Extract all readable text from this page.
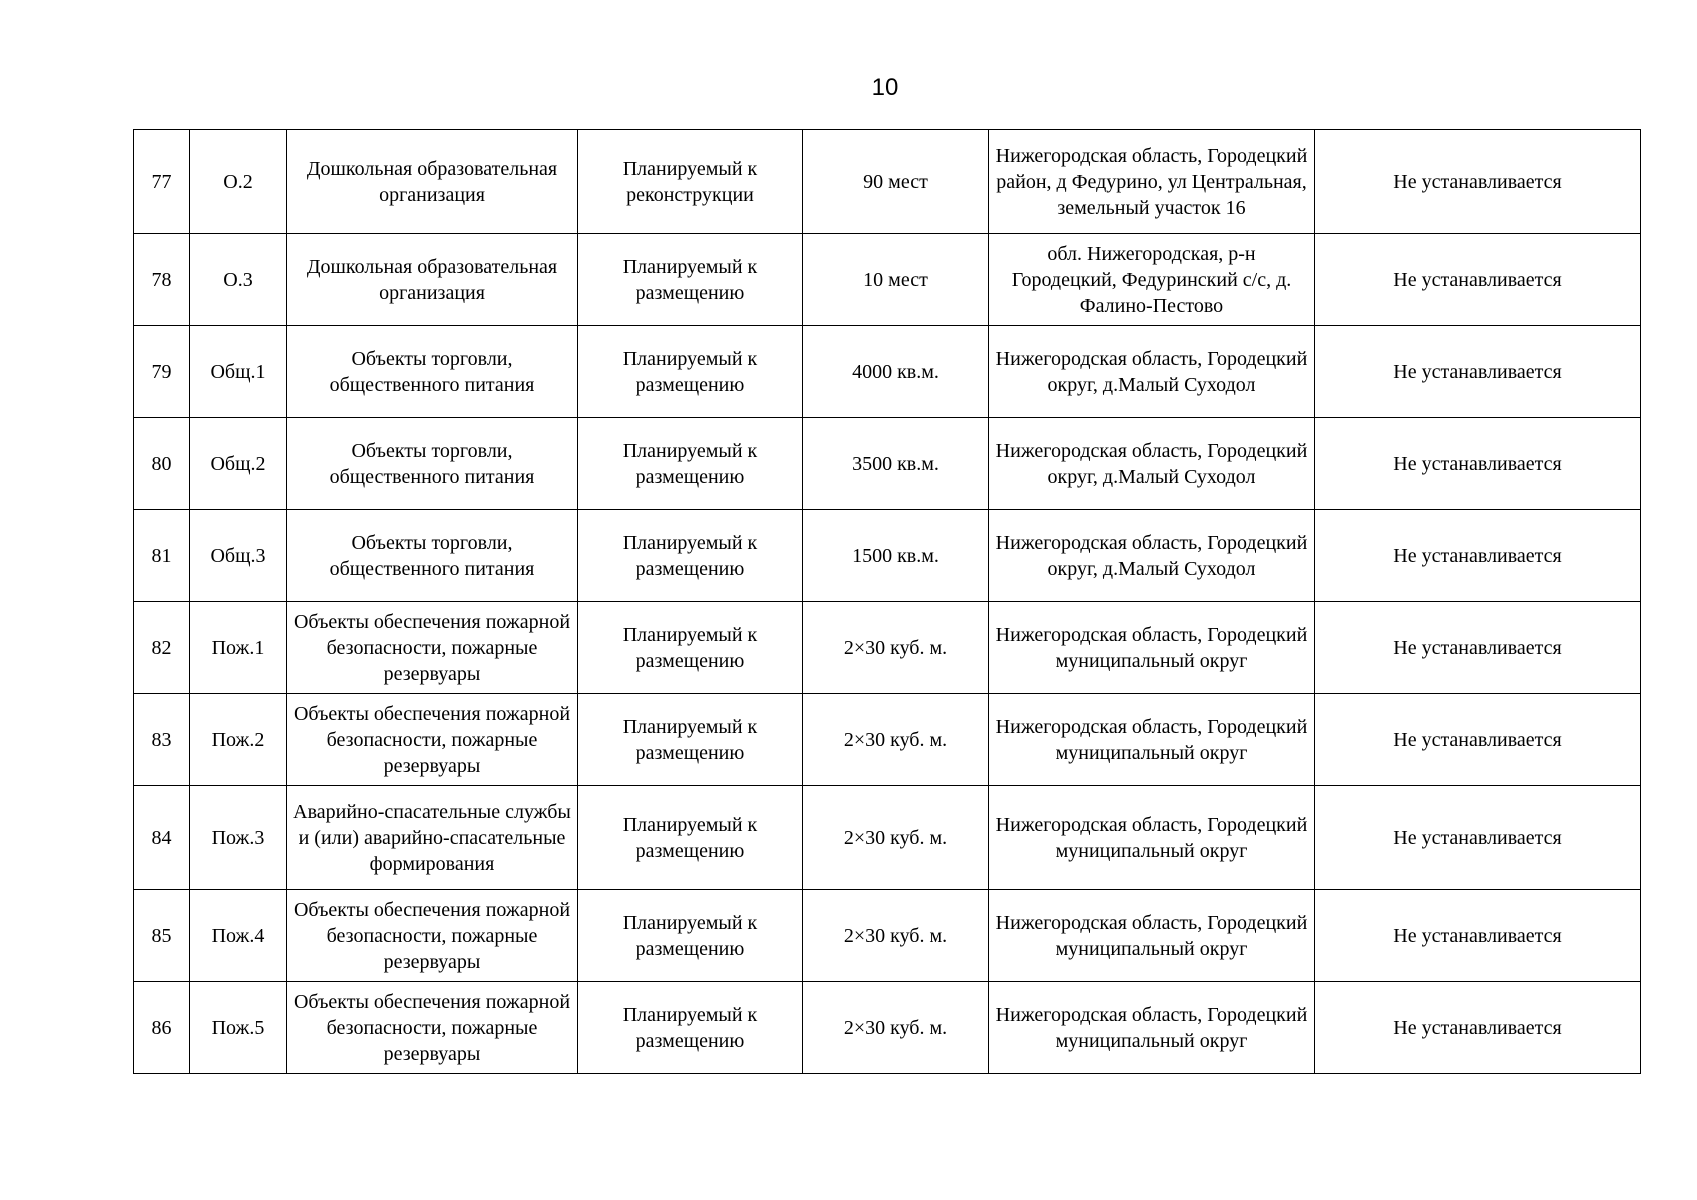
10
77	О.2	Дошкольная образовательная организация	Планируемый к реконструкции	90 мест	Нижегородская область, Городецкий район, д Федурино, ул Центральная, земельный участок 16	Не устанавливается
78	О.3	Дошкольная образовательная организация	Планируемый к размещению	10 мест	обл. Нижегородская, р-н Городецкий, Федуринский с/с, д. Фалино-Пестово	Не устанавливается
79	Общ.1	Объекты торговли, общественного питания	Планируемый к размещению	4000 кв.м.	Нижегородская область, Городецкий округ, д.Малый Суходол	Не устанавливается
80	Общ.2	Объекты торговли, общественного питания	Планируемый к размещению	3500 кв.м.	Нижегородская область, Городецкий округ, д.Малый Суходол	Не устанавливается
81	Общ.3	Объекты торговли, общественного питания	Планируемый к размещению	1500 кв.м.	Нижегородская область, Городецкий округ, д.Малый Суходол	Не устанавливается
82	Пож.1	Объекты обеспечения пожарной безопасности, пожарные резервуары	Планируемый к размещению	2×30 куб. м.	Нижегородская область, Городецкий муниципальный округ	Не устанавливается
83	Пож.2	Объекты обеспечения пожарной безопасности, пожарные резервуары	Планируемый к размещению	2×30 куб. м.	Нижегородская область, Городецкий муниципальный округ	Не устанавливается
84	Пож.3	Аварийно-спасательные службы и (или) аварийно-спасательные формирования	Планируемый к размещению	2×30 куб. м.	Нижегородская область, Городецкий муниципальный округ	Не устанавливается
85	Пож.4	Объекты обеспечения пожарной безопасности, пожарные резервуары	Планируемый к размещению	2×30 куб. м.	Нижегородская область, Городецкий муниципальный округ	Не устанавливается
86	Пож.5	Объекты обеспечения пожарной безопасности, пожарные резервуары	Планируемый к размещению	2×30 куб. м.	Нижегородская область, Городецкий муниципальный округ	Не устанавливается
